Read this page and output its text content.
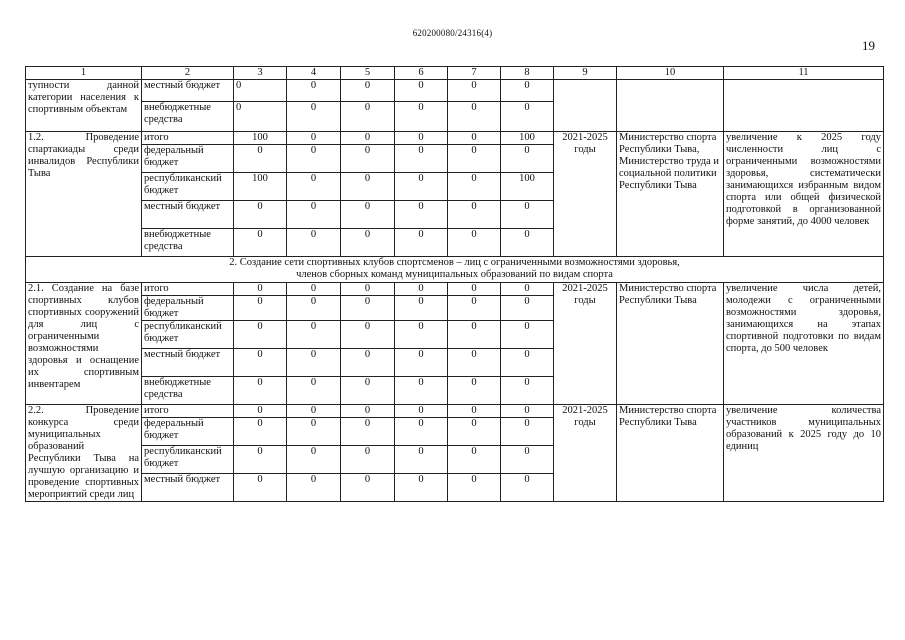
620200080/24316(4)
19
1	2	3	4	5	6	7	8	9	10	11
тупности данной категории населения к спортивным объектам	местный бюджет	0	0	0	0	0	0			
	внебюджетные средства	0	0	0	0	0	0			
1.2. Проведение спартакиады среди инвалидов Республики Тыва	итого	100	0	0	0	0	100	2021-2025 годы	Министерство спорта Республики Тыва, Министерство труда и социальной политики Республики Тыва	увеличение к 2025 году численности лиц с ограниченными возможностями здоровья, систематически занимающихся избранным видом спорта или общей физической подготовкой в организованной форме занятий, до 4000 человек
	федеральный бюджет	0	0	0	0	0	0			
	республиканский бюджет	100	0	0	0	0	100			
	местный бюджет	0	0	0	0	0	0			
	внебюджетные средства	0	0	0	0	0	0			

2. Создание сети спортивных клубов спортсменов – лиц с ограниченными возможностями здоровья,
членов сборных команд муниципальных образований по видам спорта										

2.1. Создание на базе спортивных клубов спортивных сооружений для лиц с ограниченными возможностями здоровья и оснащение их спортивным инвентарем	итого	0	0	0	0	0	0	2021-2025 годы	Министерство спорта Республики Тыва	увеличение числа детей, молодежи с ограниченными возможностями здоровья, занимающихся на этапах спортивной подготовки по видам спорта, до 500 человек
	федеральный бюджет	0	0	0	0	0	0			
	республиканский бюджет	0	0	0	0	0	0			
	местный бюджет	0	0	0	0	0	0			
	внебюджетные средства	0	0	0	0	0	0			
2.2. Проведение конкурса среди муниципальных образований Республики Тыва на лучшую организацию и проведение спортивных мероприятий среди лиц	итого	0	0	0	0	0	0	2021-2025 годы	Министерство спорта Республики Тыва	увеличение количества участников муниципальных образований к 2025 году до 10 единиц
	федеральный бюджет	0	0	0	0	0	0			
	республиканский бюджет	0	0	0	0	0	0			
	местный бюджет	0	0	0	0	0	0			
